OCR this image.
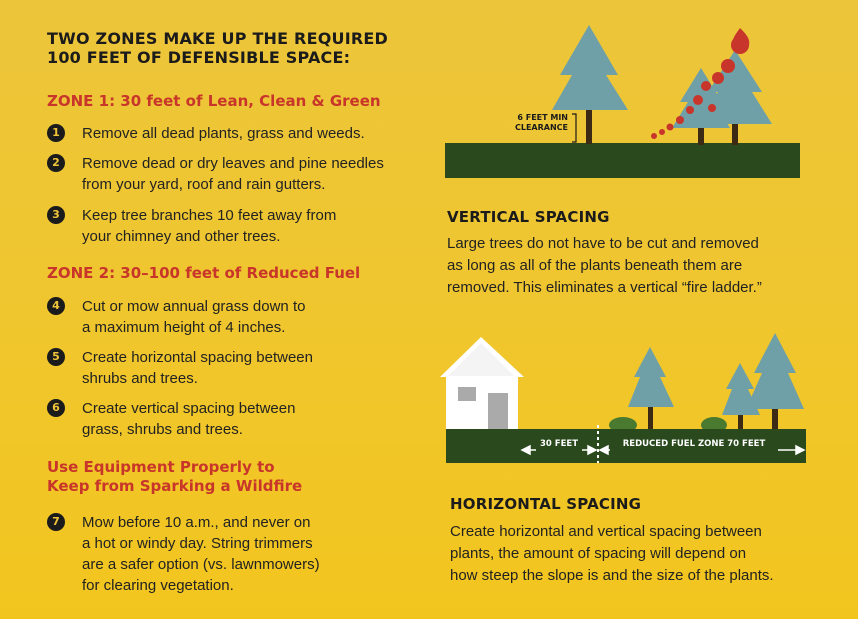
TWO ZONES MAKE UP THE REQUIRED
100 FEET OF DEFENSIBLE SPACE:
ZONE 1: 30 feet of Lean, Clean & Green
1	Remove all dead plants, grass and weeds.
2	Remove dead or dry leaves and pine needles
from your yard, roof and rain gutters.
3	Keep tree branches 10 feet away from
your chimney and other trees.
ZONE 2: 30–100 feet of Reduced Fuel
4	Cut or mow annual grass down to
a maximum height of 4 inches.
5	Create horizontal spacing between
shrubs and trees.
6	Create vertical spacing between
grass, shrubs and trees.
Use Equipment Properly to
Keep from Sparking a Wildfire
7	Mow before 10 a.m., and never on
a hot or windy day. String trimmers
are a safer option (vs. lawnmowers)
for clearing vegetation.
6 FEET MIN
CLEARANCE
VERTICAL SPACING
Large trees do not have to be cut and removed
as long as all of the plants beneath them are
removed. This eliminates a vertical “fire ladder.”
30 FEET	REDUCED FUEL ZONE 70 FEET
HORIZONTAL SPACING
Create horizontal and vertical spacing between
plants, the amount of spacing will depend on
how steep the slope is and the size of the plants.
